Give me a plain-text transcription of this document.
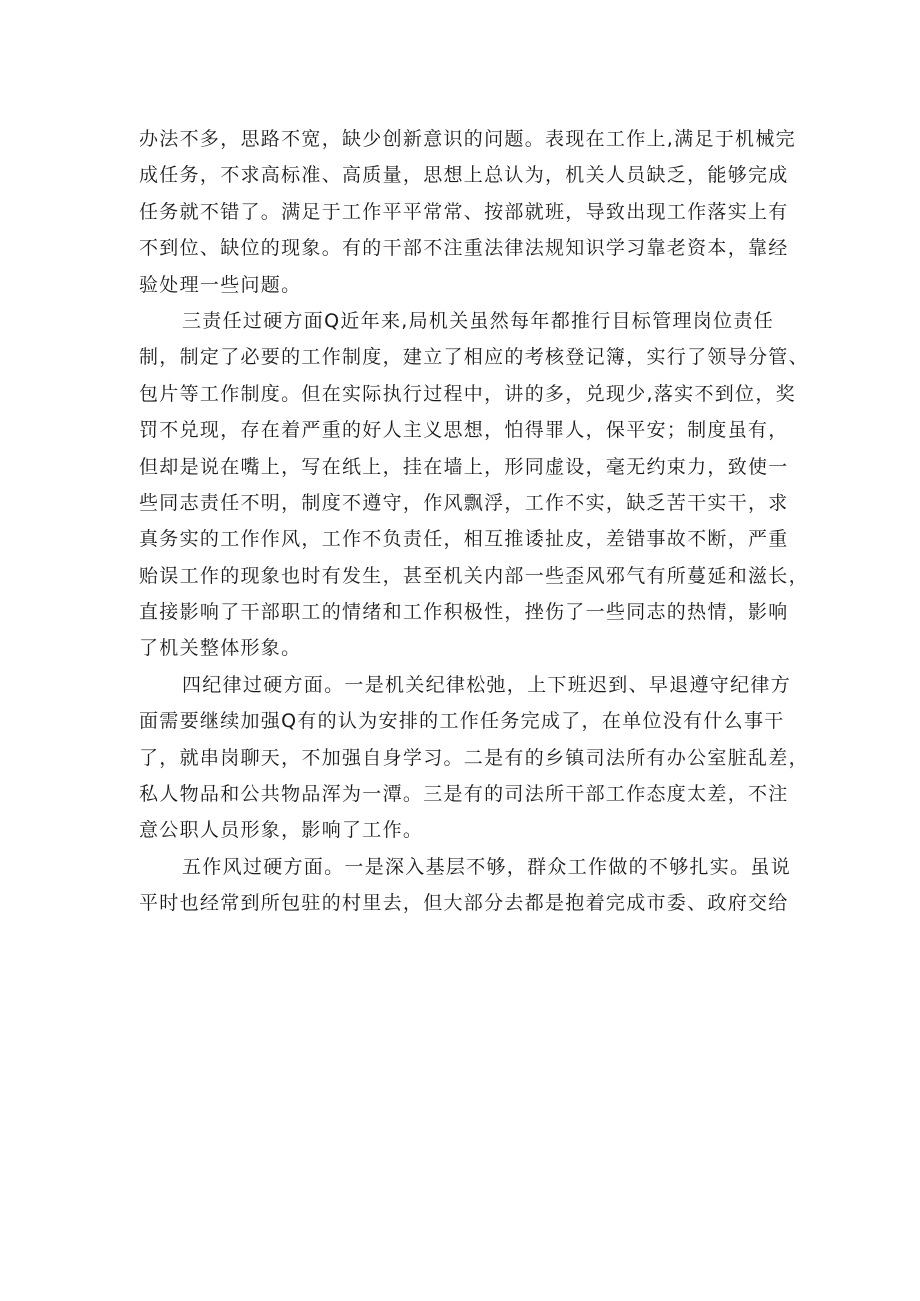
办法不多，思路不宽，缺少创新意识的问题。表现在工作上,满足于机械完

成任务，不求高标准、高质量，思想上总认为，机关人员缺乏，能够完成

任务就不错了。满足于工作平平常常、按部就班，导致出现工作落实上有

不到位、缺位的现象。有的干部不注重法律法规知识学习靠老资本，靠经

验处理一些问题。

三责任过硬方面Q近年来,局机关虽然每年都推行目标管理岗位责任

制，制定了必要的工作制度，建立了相应的考核登记簿，实行了领导分管、

包片等工作制度。但在实际执行过程中，讲的多，兑现少,落实不到位，奖

罚不兑现，存在着严重的好人主义思想，怕得罪人，保平安；制度虽有，

但却是说在嘴上，写在纸上，挂在墙上，形同虚设，毫无约束力，致使一

些同志责任不明，制度不遵守，作风飘浮，工作不实，缺乏苦干实干，求

真务实的工作作风，工作不负责任，相互推诿扯皮，差错事故不断，严重

贻误工作的现象也时有发生，甚至机关内部一些歪风邪气有所蔓延和滋长，

直接影响了干部职工的情绪和工作积极性，挫伤了一些同志的热情，影响

了机关整体形象。

四纪律过硬方面。一是机关纪律松弛，上下班迟到、早退遵守纪律方

面需要继续加强Q有的认为安排的工作任务完成了，在单位没有什么事干

了，就串岗聊天，不加强自身学习。二是有的乡镇司法所有办公室脏乱差，

私人物品和公共物品浑为一潭。三是有的司法所干部工作态度太差，不注

意公职人员形象，影响了工作。

五作风过硬方面。一是深入基层不够，群众工作做的不够扎实。虽说

平时也经常到所包驻的村里去，但大部分去都是抱着完成市委、政府交给
